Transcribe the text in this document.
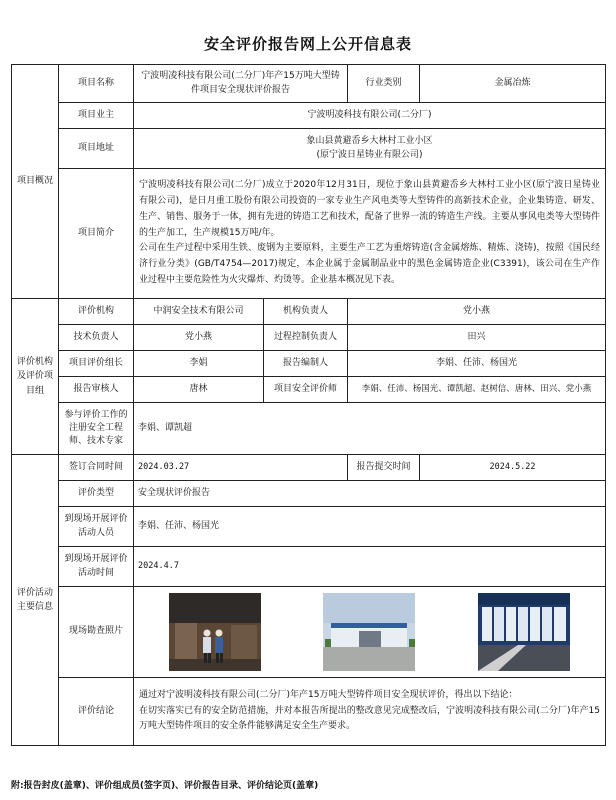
安全评价报告网上公开信息表
项目概况	项目名称	宁波明凌科技有限公司(二分厂)年产15万吨大型铸件项目安全现状评价报告		行业类别	金属冶炼
	项目业主	宁波明凌科技有限公司(二分厂)			
	项目地址	象山县黄避岙乡大林村工业小区
(原宁波日星铸业有限公司)			

	项目简介	宁波明凌科技有限公司(二分厂)成立于2020年12月31日，现位于象山县黄避岙乡大林村工业小区(原宁波日星铸业有限公司)，是日月重工股份有限公司投资的一家专业生产风电类等大型铸件的高新技术企业，企业集铸造、研发、生产、销售、服务于一体，拥有先进的铸造工艺和技术，配备了世界一流的铸造生产线。主要从事风电类等大型铸件的生产加工，生产规模15万吨/年。
公司在生产过程中采用生铁、废钢为主要原料，主要生产工艺为重熔铸造(含金属熔炼、精炼、浇铸)，按照《国民经济行业分类》(GB/T4754—2017)规定，本企业属于金属制品业中的黑色金属铸造企业(C3391)，该公司在生产作业过程中主要危险性为火灾爆炸、灼烫等。企业基本概况见下表。			

评价机构及评价项目组	评价机构	中润安全技术有限公司	机构负责人	党小燕	
	技术负责人	党小燕	过程控制负责人	田兴	
	项目评价组长	李娟	报告编制人	李娟、任沛、杨国光	
	报告审核人	唐林	项目安全评价师	李娟、任沛、杨国光、谭凯超、赵树信、唐林、田兴、党小燕	
	参与评价工作的注册安全工程师、技术专家	李娟、谭凯超			
评价活动主要信息	签订合同时间	2024.03.27		报告提交时间	2024.5.22
	评价类型	安全现状评价报告			
	到现场开展评价活动人员	李娟、任沛、杨国光			
	到现场开展评价活动时间	2024.4.7			
	现场勘查照片	

	评价结论	通过对宁波明凌科技有限公司(二分厂)年产15万吨大型铸件项目安全现状评价，得出以下结论：
在切实落实已有的安全防范措施，并对本报告所提出的整改意见完成整改后，宁波明凌科技有限公司(二分厂)年产15万吨大型铸件项目的安全条件能够满足安全生产要求。			
附:报告封皮(盖章)、评价组成员(签字页)、评价报告目录、评价结论页(盖章)
